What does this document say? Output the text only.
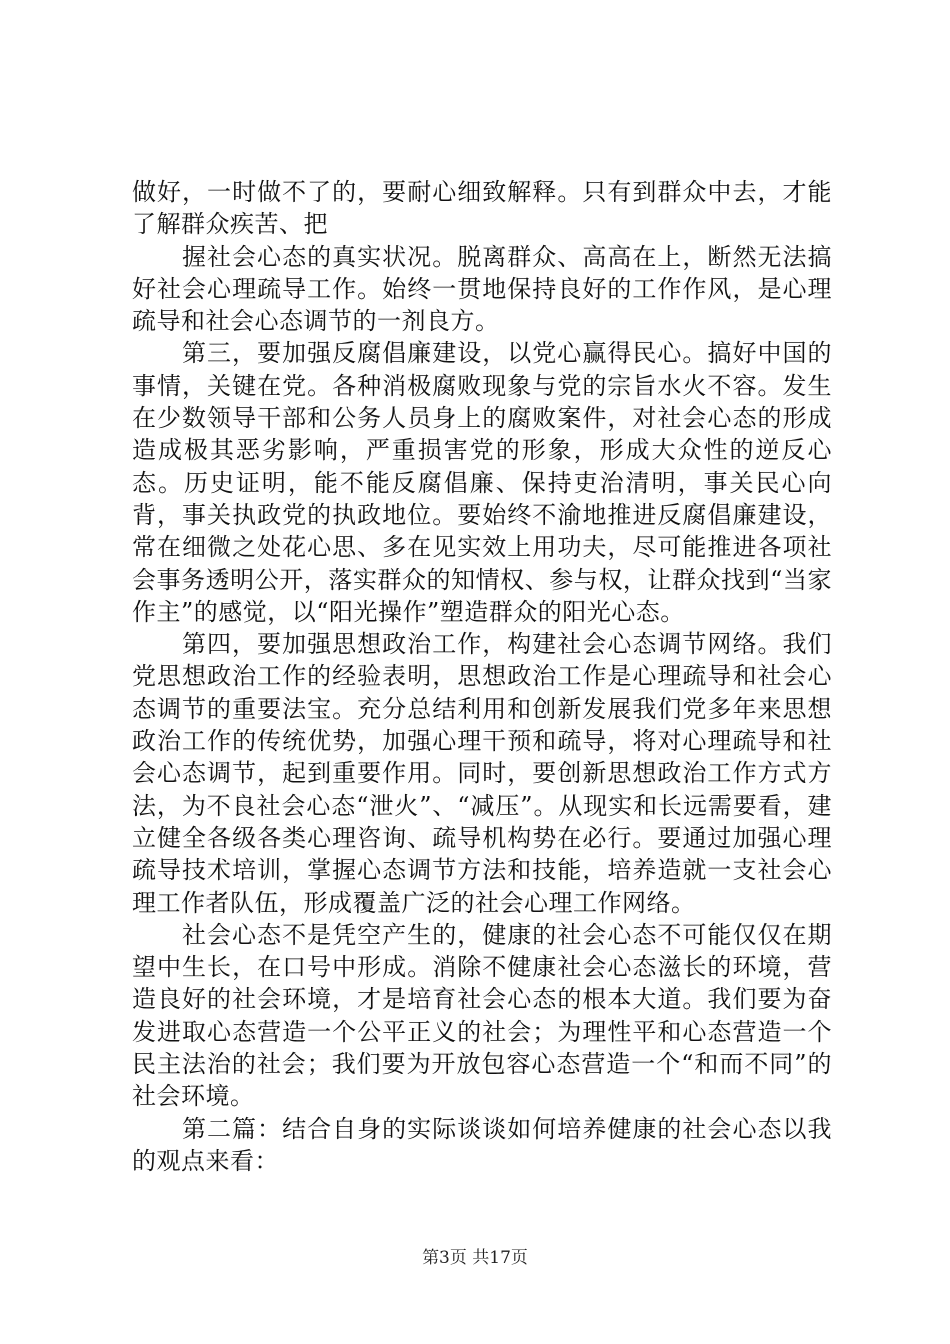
做好，一时做不了的，要耐心细致解释。只有到群众中去，才能了解群众疾苦、把

握社会心态的真实状况。脱离群众、高高在上，断然无法搞好社会心理疏导工作。始终一贯地保持良好的工作作风，是心理疏导和社会心态调节的一剂良方。

第三，要加强反腐倡廉建设，以党心赢得民心。搞好中国的事情，关键在党。各种消极腐败现象与党的宗旨水火不容。发生在少数领导干部和公务人员身上的腐败案件，对社会心态的形成造成极其恶劣影响，严重损害党的形象，形成大众性的逆反心态。历史证明，能不能反腐倡廉、保持吏治清明，事关民心向背，事关执政党的执政地位。要始终不渝地推进反腐倡廉建设，常在细微之处花心思、多在见实效上用功夫，尽可能推进各项社会事务透明公开，落实群众的知情权、参与权，让群众找到“当家作主”的感觉，以“阳光操作”塑造群众的阳光心态。

第四，要加强思想政治工作，构建社会心态调节网络。我们党思想政治工作的经验表明，思想政治工作是心理疏导和社会心态调节的重要法宝。充分总结利用和创新发展我们党多年来思想政治工作的传统优势，加强心理干预和疏导，将对心理疏导和社会心态调节，起到重要作用。同时，要创新思想政治工作方式方法，为不良社会心态“泄火”、“减压”。从现实和长远需要看，建立健全各级各类心理咨询、疏导机构势在必行。要通过加强心理疏导技术培训，掌握心态调节方法和技能，培养造就一支社会心理工作者队伍，形成覆盖广泛的社会心理工作网络。

社会心态不是凭空产生的，健康的社会心态不可能仅仅在期望中生长，在口号中形成。消除不健康社会心态滋长的环境，营造良好的社会环境，才是培育社会心态的根本大道。我们要为奋发进取心态营造一个公平正义的社会；为理性平和心态营造一个民主法治的社会；我们要为开放包容心态营造一个“和而不同”的社会环境。

第二篇：结合自身的实际谈谈如何培养健康的社会心态以我的观点来看：

第3页 共17页
